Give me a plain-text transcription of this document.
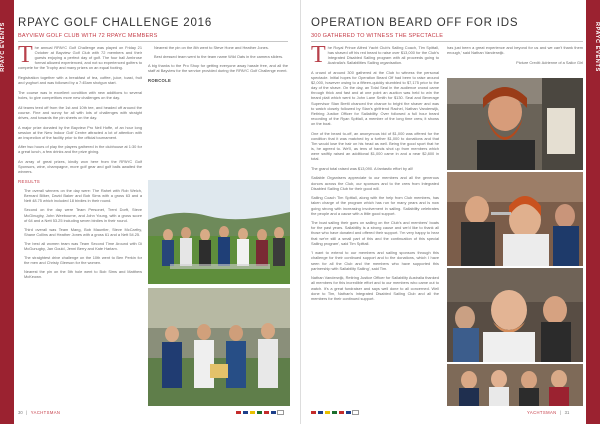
RPAYC EVENTS	RPAYC GOLF CHALLENGE 2016
BAYVIEW GOLF CLUB WITH 72 RPAYC MEMBERS
T he annual RPAYC Golf Challenge was played on Friday 21 October at Bayview Golf Club with 72 members and their guests enjoying a perfect day of golf. The four ball Ambrose format allowed experienced, and not so experienced golfers to compete for the Trophy and many prizes on an equal footing.

Registration together with a breakfast of tea, coffee, juice, toast, fruit and yoghurt and was followed by a 7:45am shotgun start.

The course was in excellent condition with new additions to several holes, to give competitors more new challenges on the day.

All teams teed off from the 1st and 10th tee, and headed off around the course. Fine and sunny for all with lots of challenges with straight drives, and towards the pin sheets on the day.

A major prize donated by the Bayview Pro Neil Hoffe, of an hour long session at the New Indoor Golf Centre attracted a lot of attention with an inspection of the facility prior to the official tournament.

After two hours of play the players gathered in the clubhouse at 1:30 for a great lunch, a few drinks and the prize giving.

An array of great prizes, kindly won here from the RPAYC Golf Sponsors, wine, champagne, more golf gear and golf balls awaited the winners.

RESULTS
• The overall winners on the day were: The Rahet with Rob Welch, Bernard Bilker, David Baker and Bob Sims with a gross 63 and a Nett 48.75 which included 18 birdies in their round.
• Second on the day were Team Personet, Trent Dorft, Steve McGinugby, John Weebourne, and John Young, with a gross score of 64 and a Nett 53.25 including seven birdies in their round.
• Third overall was Team Mang, Bob Mauntler, Steve McCarthy, Shane Collins and Heather Jones with a gross 61 and a Nett 54.25.
• The best all women team was Team Second Time Around with Di McGunugby, Jan Gould, Jenni Berry and Kate Harlam.
• The straightest drive challenge on the 10th went to Ben Perkin for the men and Christy Gleeson for the women.
• Nearest the pin on the 5th hole went to Bob Sims and Matthew McKeown.
• Nearest the pin on the 8th went to Steve Hone and Heather Jones.
• Best dressed team went to the team name Wild Oats in the camera sliders.

A big thanks to the Pro Shop for getting everyone away hassle free, and all the staff at Bayview for the service provided during the RPAYC Golf Challenge event.

ROBCOLE
30   |   YACHTSMAN
RPAYC EVENTS
OPERATION BEARD OFF FOR IDS
300 GATHERED TO WITNESS THE SPECTACLE
T he Royal Prince Alfred Yacht Club's Sailing Coach, Tim Spittall, has shaved off his red beard to raise over $13,000 for the Club's Integrated Disabled Sailing program with all proceeds going to Australia's Sailabilities Sailing organisation.

A crowd of around 300 gathered at the Club to witness the personal spectacle. Initial hopes for Operation Beard Off had been to raise around $2,000, however owing to a fifteen-quickly stumbled to $7,175 prior to the day of the shave. On the day, an Total Seal in the audience crowd came through thick and fast and at one point an auction was held to win the beard plait which went to John Lane Smith for $130. Seal and Beverage Supervisor Stan Bretti chanced the chance to bright the shaver and was to watch closely followed by Stan's girlfriend Rachel, Nathan Vanderwijk, Retiring Justice Officer for Sailability. Over followed a full hour beard recording of the Ryan Spittall, a member of the long time crew, it shows on the boat.

One of the beard to-off, an anonymous bid of $1,000 was offered for the condition that it was matched by a further $1,000 to donations and that Tim would lose the hair on his head as well. Being the good sport that he is, he agreed to. We'll, as tens of hands shot up from members which were swiftly raised an additional $1,000 came in and a near $2,800 in total.

The grand total raised was $13,090. A fantastic effort by all!

Sailable Organisers appreciate to our members and all the generous donors across the Club, our sponsors and to the crew from Integrated Disabled Sailing Club for their good will.

Sailing Coach Tim Spittall, along with the help from Club members, has taken charge of the program which has run for many years and is now going strong with increasing involvement in sailing. Sailability celebrates the people and a cause with a little good support.

The boat sailing their goes on sailing on the Club's and members' boats for the past years. Sailability is a strong cause and we'd like to thank all those who have donated and offered their support. 'I'm very happy to hear that we're still a small part of this and the continuation of this special Sailing program', said Tim Spittall.

'I want to extend to our members and sailing sponsors through this challenge for their continued support and to the donations, which I have seen for all the Club and the members who have supported this partnership with Sailability Sailing', said Tim.

Nathan Vanderwijk, Retiring Justice Officer for Sailability Australia thanked all members for this incredible effort and to our members who came out to watch. It's a great fundraiser and says well done to all concerned. Well done to Tim, Nathan's Integrated Disabled Sailing Club and all the members for their continued support.

has just been a great experience and beyond for us and we can't thank them enough,' said Nathan Vanderwijk.

Picture Credit: Adrienne of a Sailor Girl

YACHTSMAN   |   31
